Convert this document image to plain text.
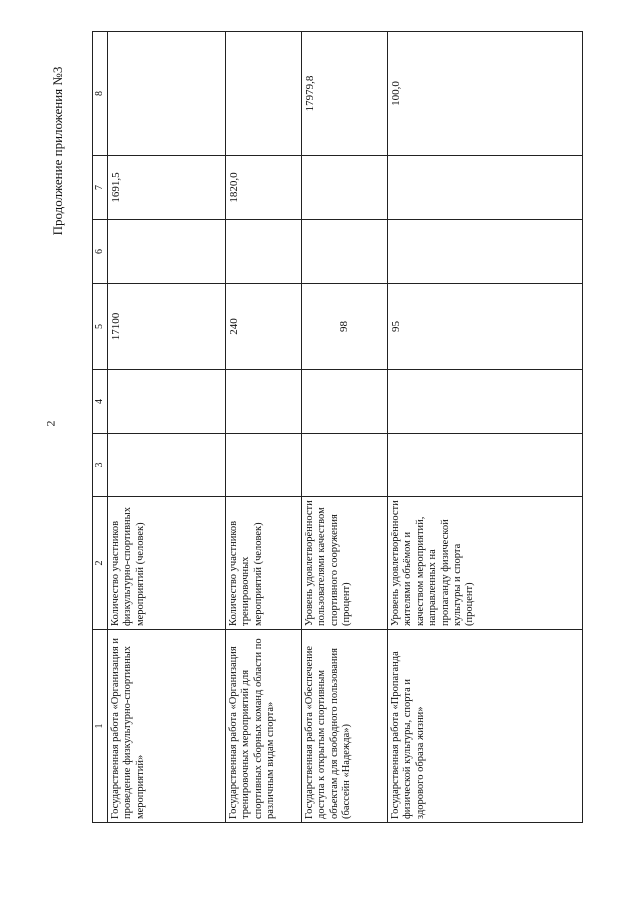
2
Продолжение приложения №3
1	2	3	4	5	6	7	8
Государственная работа «Организация и проведение физкультурно-спортивных мероприятий»	Количество участников физкультурно-спортивных мероприятий (человек)			17100		1691,5	
Государственная работа «Организация тренировочных мероприятий для спортивных сборных команд области по различным видам спорта»	Количество участников тренировочных мероприятий (человек)			240		1820,0	
Государственная работа «Обеспечение доступа к открытым спортивным объектам для свободного пользования (бассейн «Надежда»)	Уровень удовлетворённости пользователями качеством спортивного сооружения (процент)			98			17979,8
Государственная работа «Пропаганда физической культуры, спорта и здорового образа жизни»	Уровень удовлетворённости жителями объёмом и качеством мероприятий, направленных на пропаганду физической культуры и спорта (процент)			95			100,0
